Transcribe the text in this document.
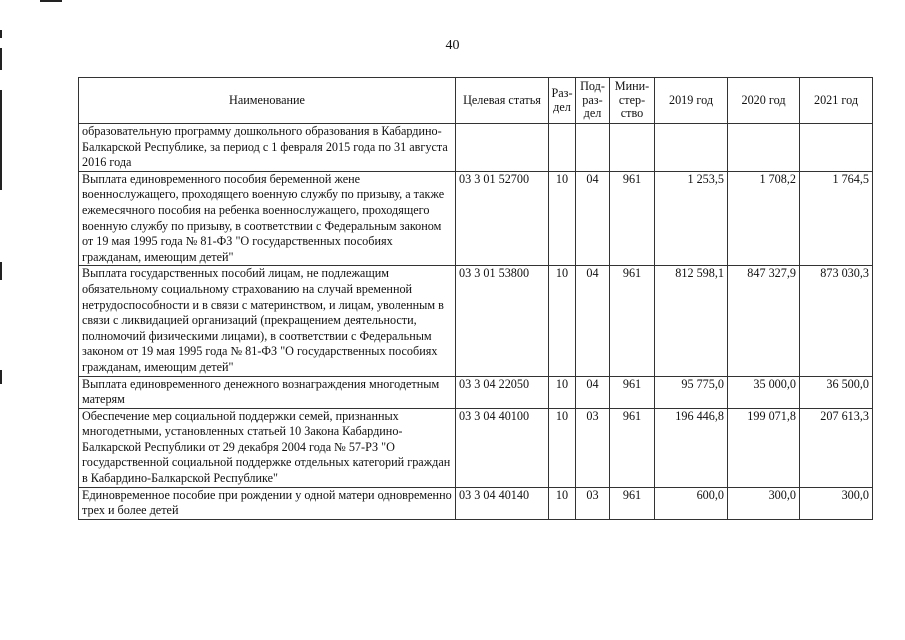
40
Наименование	Целевая статья	Раз-дел	Под-раз-дел	Мини-стер-ство	2019 год	2020 год	2021 год
образовательную программу дошкольного образования в Кабардино-Балкарской Республике, за период с 1 февраля 2015 года по 31 августа 2016 года							
Выплата единовременного пособия беременной жене военнослужащего, проходящего военную службу по призыву, а также ежемесячного пособия на ребенка военнослужащего, проходящего военную службу по призыву, в соответствии с Федеральным законом от 19 мая 1995 года № 81-ФЗ "О государственных пособиях гражданам, имеющим детей"	03 3 01 52700	10	04	961	1 253,5	1 708,2	1 764,5
Выплата государственных пособий лицам, не подлежащим обязательному социальному страхованию на случай временной нетрудоспособности и в связи с материнством, и лицам, уволенным в связи с ликвидацией организаций (прекращением деятельности, полномочий физическими лицами), в соответствии с Федеральным законом от 19 мая 1995 года № 81-ФЗ "О государственных пособиях гражданам, имеющим детей"	03 3 01 53800	10	04	961	812 598,1	847 327,9	873 030,3
Выплата единовременного денежного вознаграждения многодетным матерям	03 3 04 22050	10	04	961	95 775,0	35 000,0	36 500,0
Обеспечение мер социальной поддержки семей, признанных многодетными, установленных статьей 10 Закона Кабардино-Балкарской Республики от 29 декабря 2004 года № 57-РЗ "О государственной социальной поддержке отдельных категорий граждан в Кабардино-Балкарской Республике"	03 3 04 40100	10	03	961	196 446,8	199 071,8	207 613,3
Единовременное пособие при рождении у одной матери одновременно трех и более детей	03 3 04 40140	10	03	961	600,0	300,0	300,0
